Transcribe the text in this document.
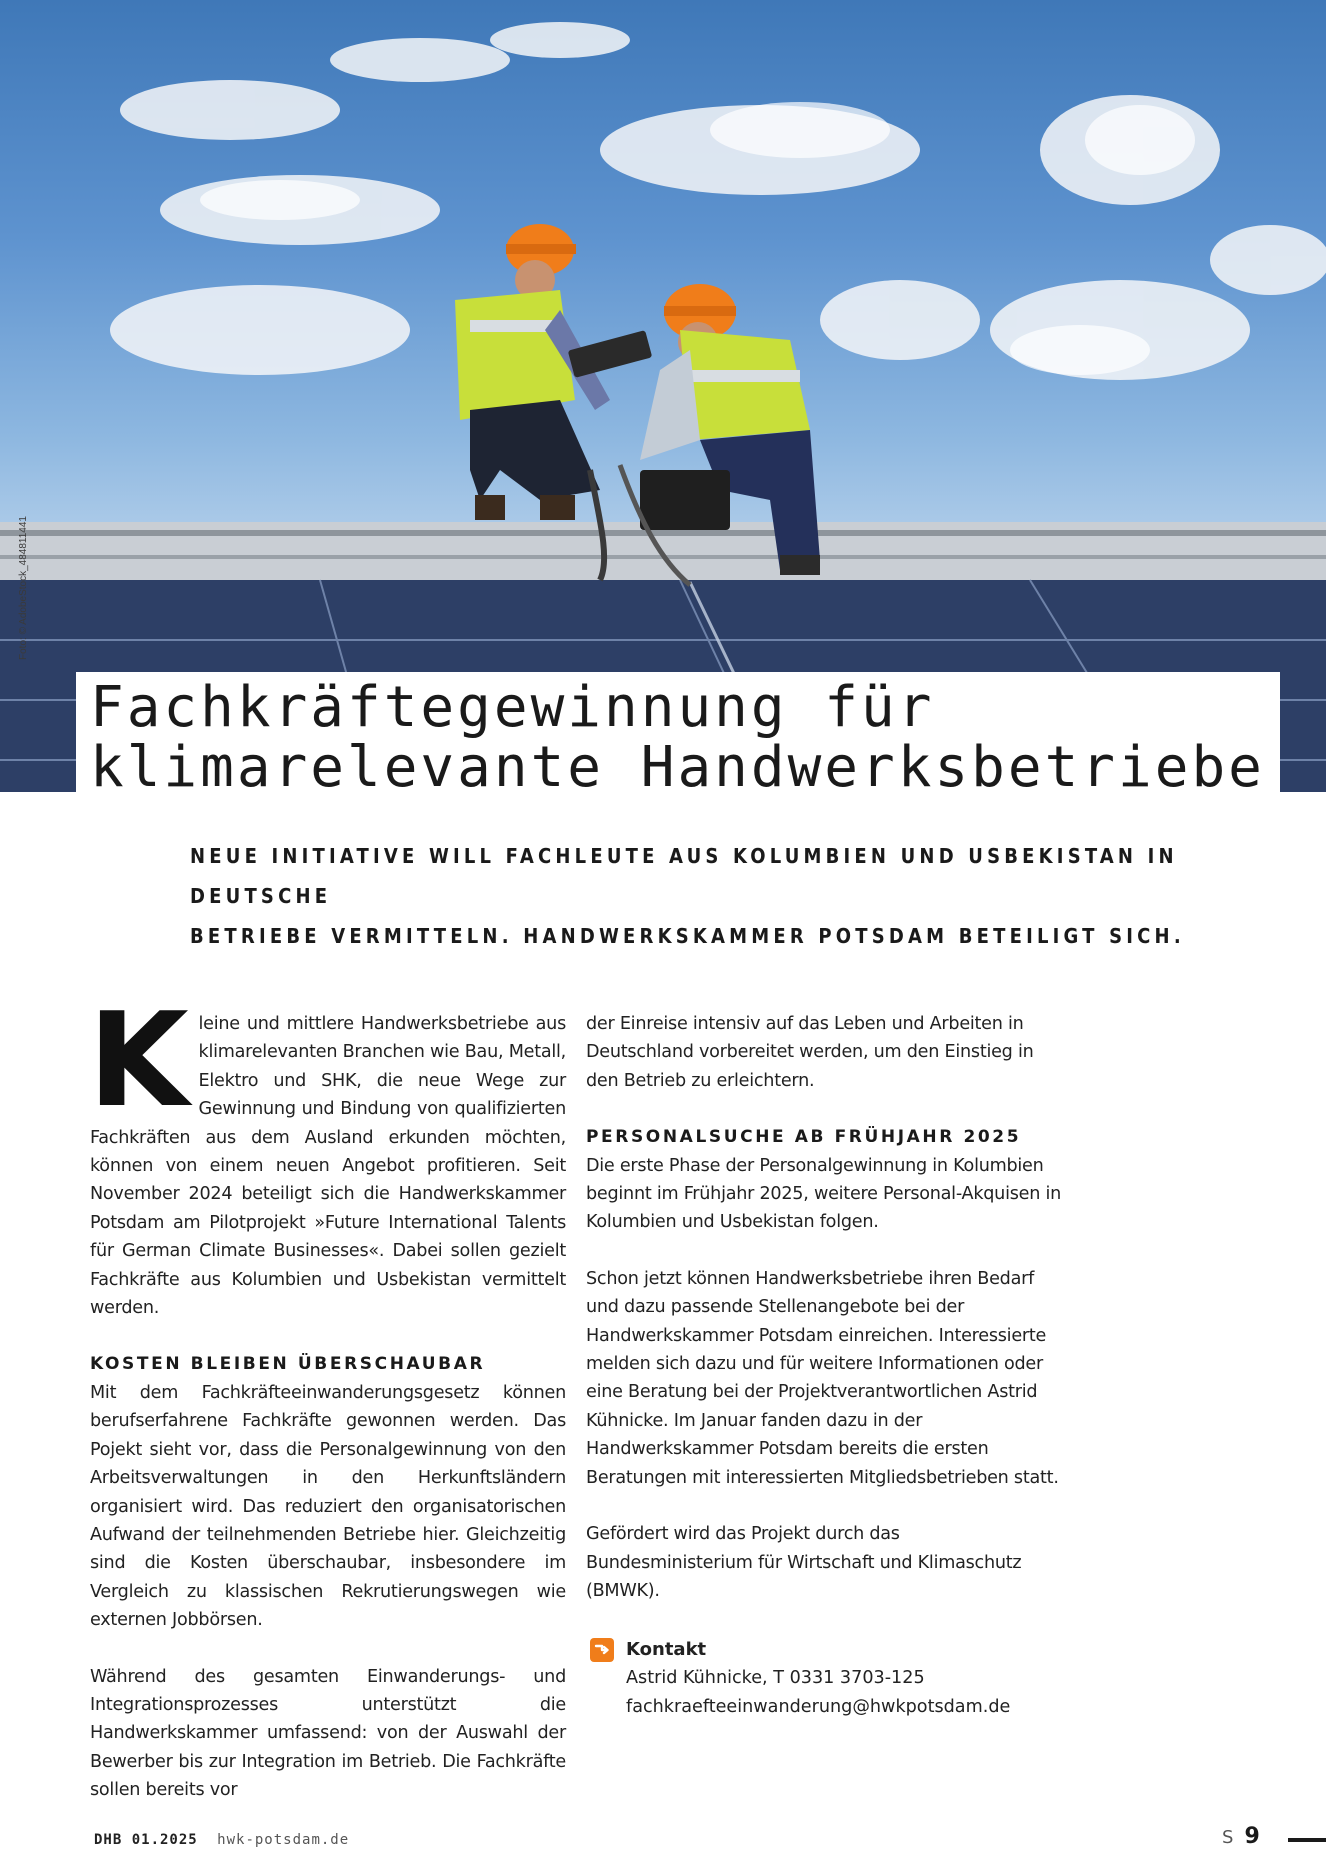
Foto: © AdobeStock_484811441
Fachkräftegewinnung für
klimarelevante Handwerksbetriebe
NEUE INITIATIVE WILL FACHLEUTE AUS KOLUMBIEN UND USBEKISTAN IN DEUTSCHE
BETRIEBE VERMITTELN. HANDWERKSKAMMER POTSDAM BETEILIGT SICH.
K leine und mittlere Handwerksbetriebe aus klimarelevanten Branchen wie Bau, Metall, Elektro und SHK, die neue Wege zur Gewinnung und Bindung von qualifizierten Fachkräften aus dem Ausland erkunden möchten, können von einem neuen Angebot profitieren. Seit November 2024 beteiligt sich die Handwerkskammer Potsdam am Pilotprojekt »Future International Talents für German Climate Businesses«. Dabei sollen gezielt Fachkräfte aus Kolumbien und Usbekistan vermittelt werden.

KOSTEN BLEIBEN ÜBERSCHAUBAR

Mit dem Fachkräfteeinwanderungsgesetz können berufserfahrene Fachkräfte gewonnen werden. Das Pojekt sieht vor, dass die Personalgewinnung von den Arbeitsverwaltungen in den Herkunftsländern organisiert wird. Das reduziert den organisatorischen Aufwand der teilnehmenden Betriebe hier. Gleichzeitig sind die Kosten überschaubar, insbesondere im Vergleich zu klassischen Rekrutierungswegen wie externen Jobbörsen.

Während des gesamten Einwanderungs- und Integrationsprozesses unterstützt die Handwerkskammer umfassend: von der Auswahl der Bewerber bis zur Integration im Betrieb. Die Fachkräfte sollen bereits vor

der Einreise intensiv auf das Leben und Arbeiten in Deutschland vorbereitet werden, um den Einstieg in den Betrieb zu erleichtern.

PERSONALSUCHE AB FRÜHJAHR 2025

Die erste Phase der Personalgewinnung in Kolumbien beginnt im Frühjahr 2025, weitere Personal-Akquisen in Kolumbien und Usbekistan folgen.

Schon jetzt können Handwerksbetriebe ihren Bedarf und dazu passende Stellenangebote bei der Handwerkskammer Potsdam einreichen. Interessierte melden sich dazu und für weitere Informationen oder eine Beratung bei der Projektverantwortlichen Astrid Kühnicke. Im Januar fanden dazu in der Handwerkskammer Potsdam bereits die ersten Beratungen mit interessierten Mitgliedsbetrieben statt.

Gefördert wird das Projekt durch das Bundesministerium für Wirtschaft und Klimaschutz (BMWK).

Kontakt
Astrid Kühnicke, T 0331 3703-125
fachkraefteeinwanderung@hwkpotsdam.de
DHB 01.2025 hwk-potsdam.de	S 9
